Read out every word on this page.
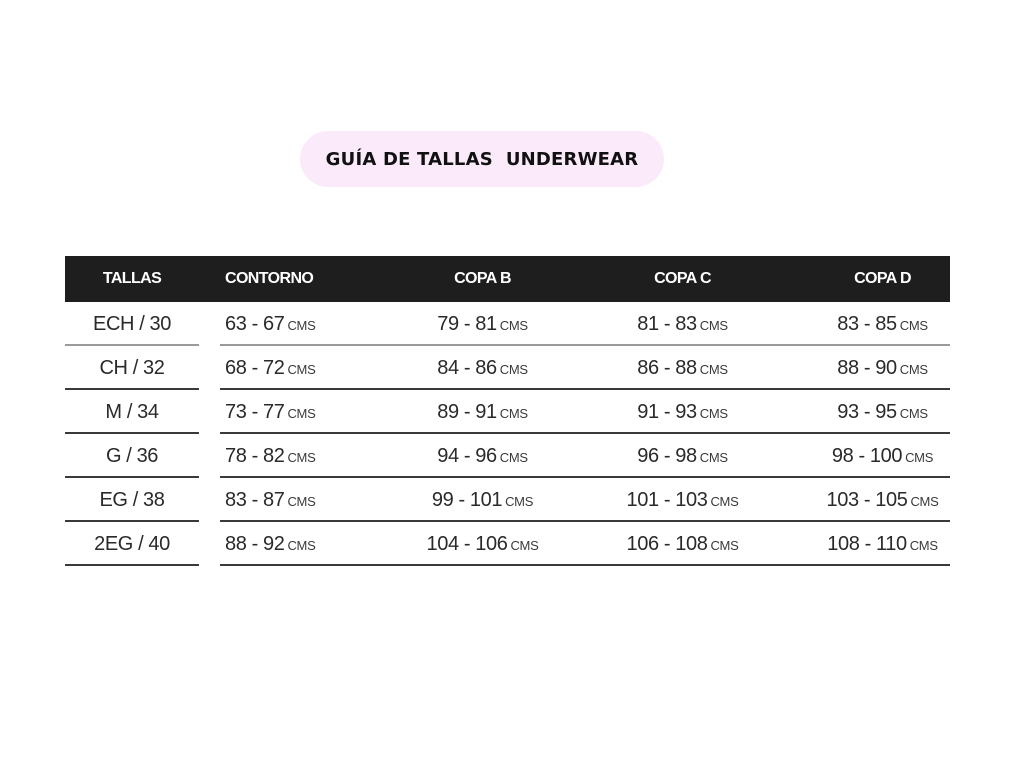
GUÍA DE TALLAS  UNDERWEAR
TALLAS	CONTORNO	COPA B	COPA C	COPA D
ECH / 30	63 - 67 CMS	79 - 81 CMS	81 - 83 CMS	83 - 85 CMS
CH / 32	68 - 72 CMS	84 - 86 CMS	86 - 88 CMS	88 - 90 CMS
M / 34	73 - 77 CMS	89 - 91 CMS	91 - 93 CMS	93 - 95 CMS
G / 36	78 - 82 CMS	94 - 96 CMS	96 - 98 CMS	98 - 100 CMS
EG / 38	83 - 87 CMS	99 - 101 CMS	101 - 103 CMS	103 - 105 CMS
2EG / 40	88 - 92 CMS	104 - 106 CMS	106 - 108 CMS	108 - 110 CMS
